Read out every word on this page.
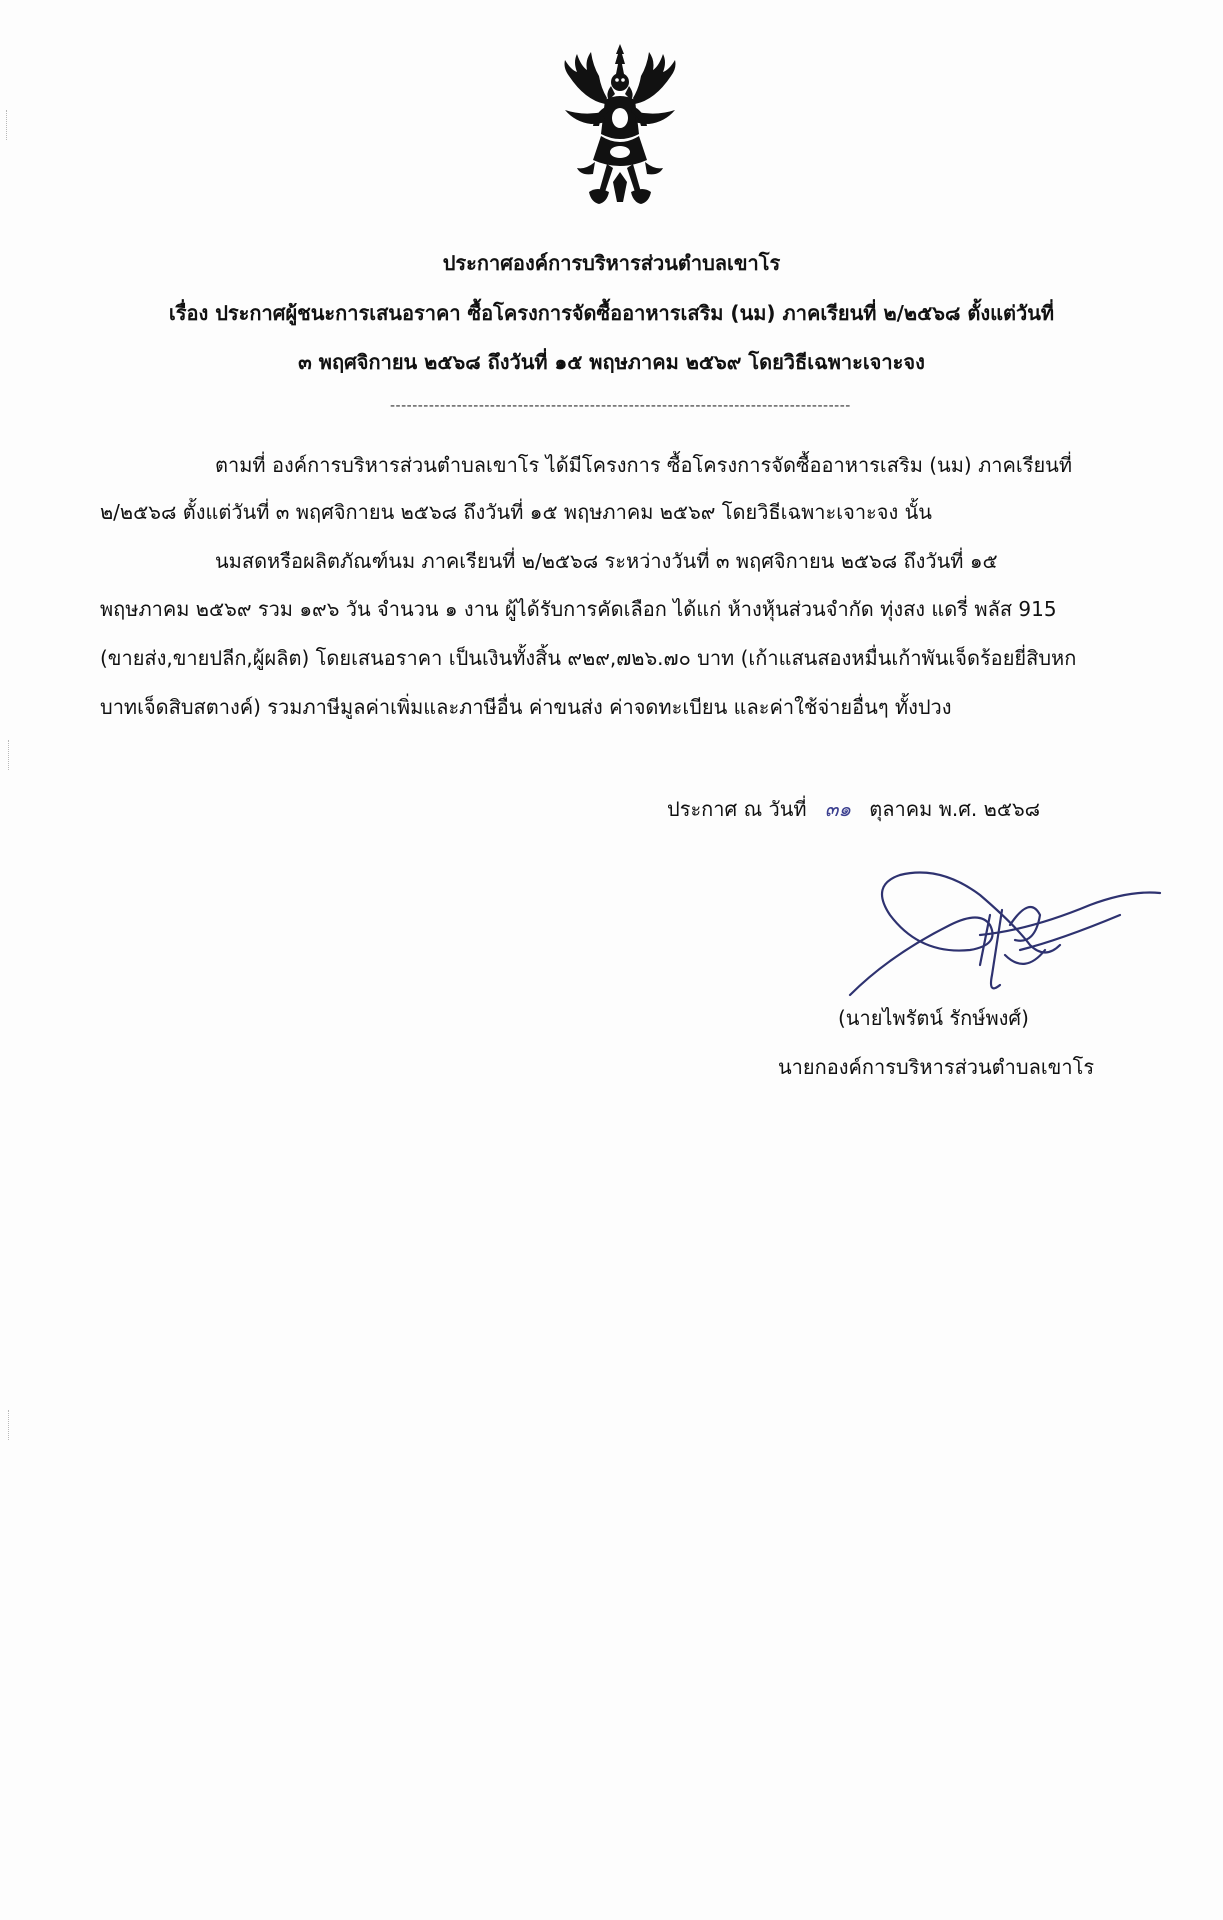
ประกาศองค์การบริหารส่วนตำบลเขาโร
เรื่อง ประกาศผู้ชนะการเสนอราคา ซื้อโครงการจัดซื้ออาหารเสริม (นม) ภาคเรียนที่ ๒/๒๕๖๘ ตั้งแต่วันที่
๓ พฤศจิกายน ๒๕๖๘ ถึงวันที่ ๑๕ พฤษภาคม ๒๕๖๙ โดยวิธีเฉพาะเจาะจง
-----------------------------------------------------------------------------------
ตามที่ องค์การบริหารส่วนตำบลเขาโร ได้มีโครงการ ซื้อโครงการจัดซื้ออาหารเสริม (นม) ภาคเรียนที่
๒/๒๕๖๘ ตั้งแต่วันที่ ๓ พฤศจิกายน ๒๕๖๘ ถึงวันที่ ๑๕ พฤษภาคม ๒๕๖๙ โดยวิธีเฉพาะเจาะจง นั้น
นมสดหรือผลิตภัณฑ์นม ภาคเรียนที่ ๒/๒๕๖๘ ระหว่างวันที่ ๓ พฤศจิกายน ๒๕๖๘ ถึงวันที่ ๑๕
พฤษภาคม ๒๕๖๙ รวม ๑๙๖ วัน จำนวน ๑ งาน ผู้ได้รับการคัดเลือก ได้แก่ ห้างหุ้นส่วนจำกัด ทุ่งสง แดรี่ พลัส 915
(ขายส่ง,ขายปลีก,ผู้ผลิต) โดยเสนอราคา เป็นเงินทั้งสิ้น ๙๒๙,๗๒๖.๗๐ บาท (เก้าแสนสองหมื่นเก้าพันเจ็ดร้อยยี่สิบหก
บาทเจ็ดสิบสตางค์) รวมภาษีมูลค่าเพิ่มและภาษีอื่น ค่าขนส่ง ค่าจดทะเบียน และค่าใช้จ่ายอื่นๆ ทั้งปวง
ประกาศ ณ วันที่ ๓๑ ตุลาคม พ.ศ. ๒๕๖๘
(นายไพรัตน์ รักษ์พงศ์)
นายกองค์การบริหารส่วนตำบลเขาโร
